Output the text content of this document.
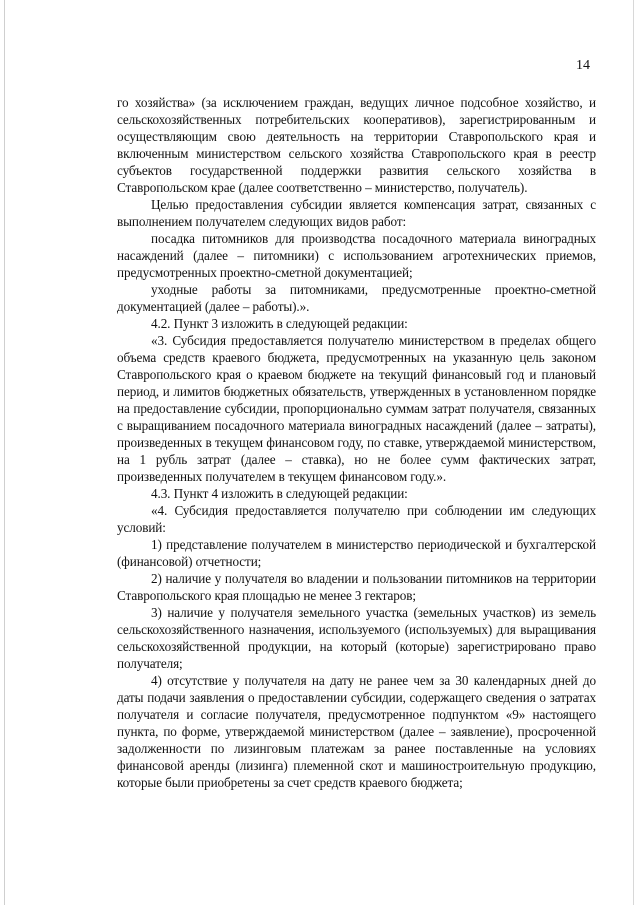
14

го хозяйства» (за исключением граждан, ведущих личное подсобное хозяйство, и сельскохозяйственных потребительских кооперативов), зарегистрированным и осуществляющим свою деятельность на территории Ставропольского края и включенным министерством сельского хозяйства Ставропольского края в реестр субъектов государственной поддержки развития сельского хозяйства в Ставропольском крае (далее соответственно – министерство, получатель).

Целью предоставления субсидии является компенсация затрат, связанных с выполнением получателем следующих видов работ:

посадка питомников для производства посадочного материала виноградных насаждений (далее – питомники) с использованием агротехнических приемов, предусмотренных проектно-сметной документацией;

уходные работы за питомниками, предусмотренные проектно-сметной документацией (далее – работы).».

4.2. Пункт 3 изложить в следующей редакции:

«3. Субсидия предоставляется получателю министерством в пределах общего объема средств краевого бюджета, предусмотренных на указанную цель законом Ставропольского края о краевом бюджете на текущий финансовый год и плановый период, и лимитов бюджетных обязательств, утвержденных в установленном порядке на предоставление субсидии, пропорционально суммам затрат получателя, связанных с выращиванием посадочного материала виноградных насаждений (далее – затраты), произведенных в текущем финансовом году, по ставке, утверждаемой министерством, на 1 рубль затрат (далее – ставка), но не более сумм фактических затрат, произведенных получателем в текущем финансовом году.».

4.3. Пункт 4 изложить в следующей редакции:

«4. Субсидия предоставляется получателю при соблюдении им следующих условий:

1) представление получателем в министерство периодической и бухгалтерской (финансовой) отчетности;

2) наличие у получателя во владении и пользовании питомников на территории Ставропольского края площадью не менее 3 гектаров;

3) наличие у получателя земельного участка (земельных участков) из земель сельскохозяйственного назначения, используемого (используемых) для выращивания сельскохозяйственной продукции, на который (которые) зарегистрировано право получателя;

4) отсутствие у получателя на дату не ранее чем за 30 календарных дней до даты подачи заявления о предоставлении субсидии, содержащего сведения о затратах получателя и согласие получателя, предусмотренное подпунктом «9» настоящего пункта, по форме, утверждаемой министерством (далее – заявление), просроченной задолженности по лизинговым платежам за ранее поставленные на условиях финансовой аренды (лизинга) племенной скот и машиностроительную продукцию, которые были приобретены за счет средств краевого бюджета;
